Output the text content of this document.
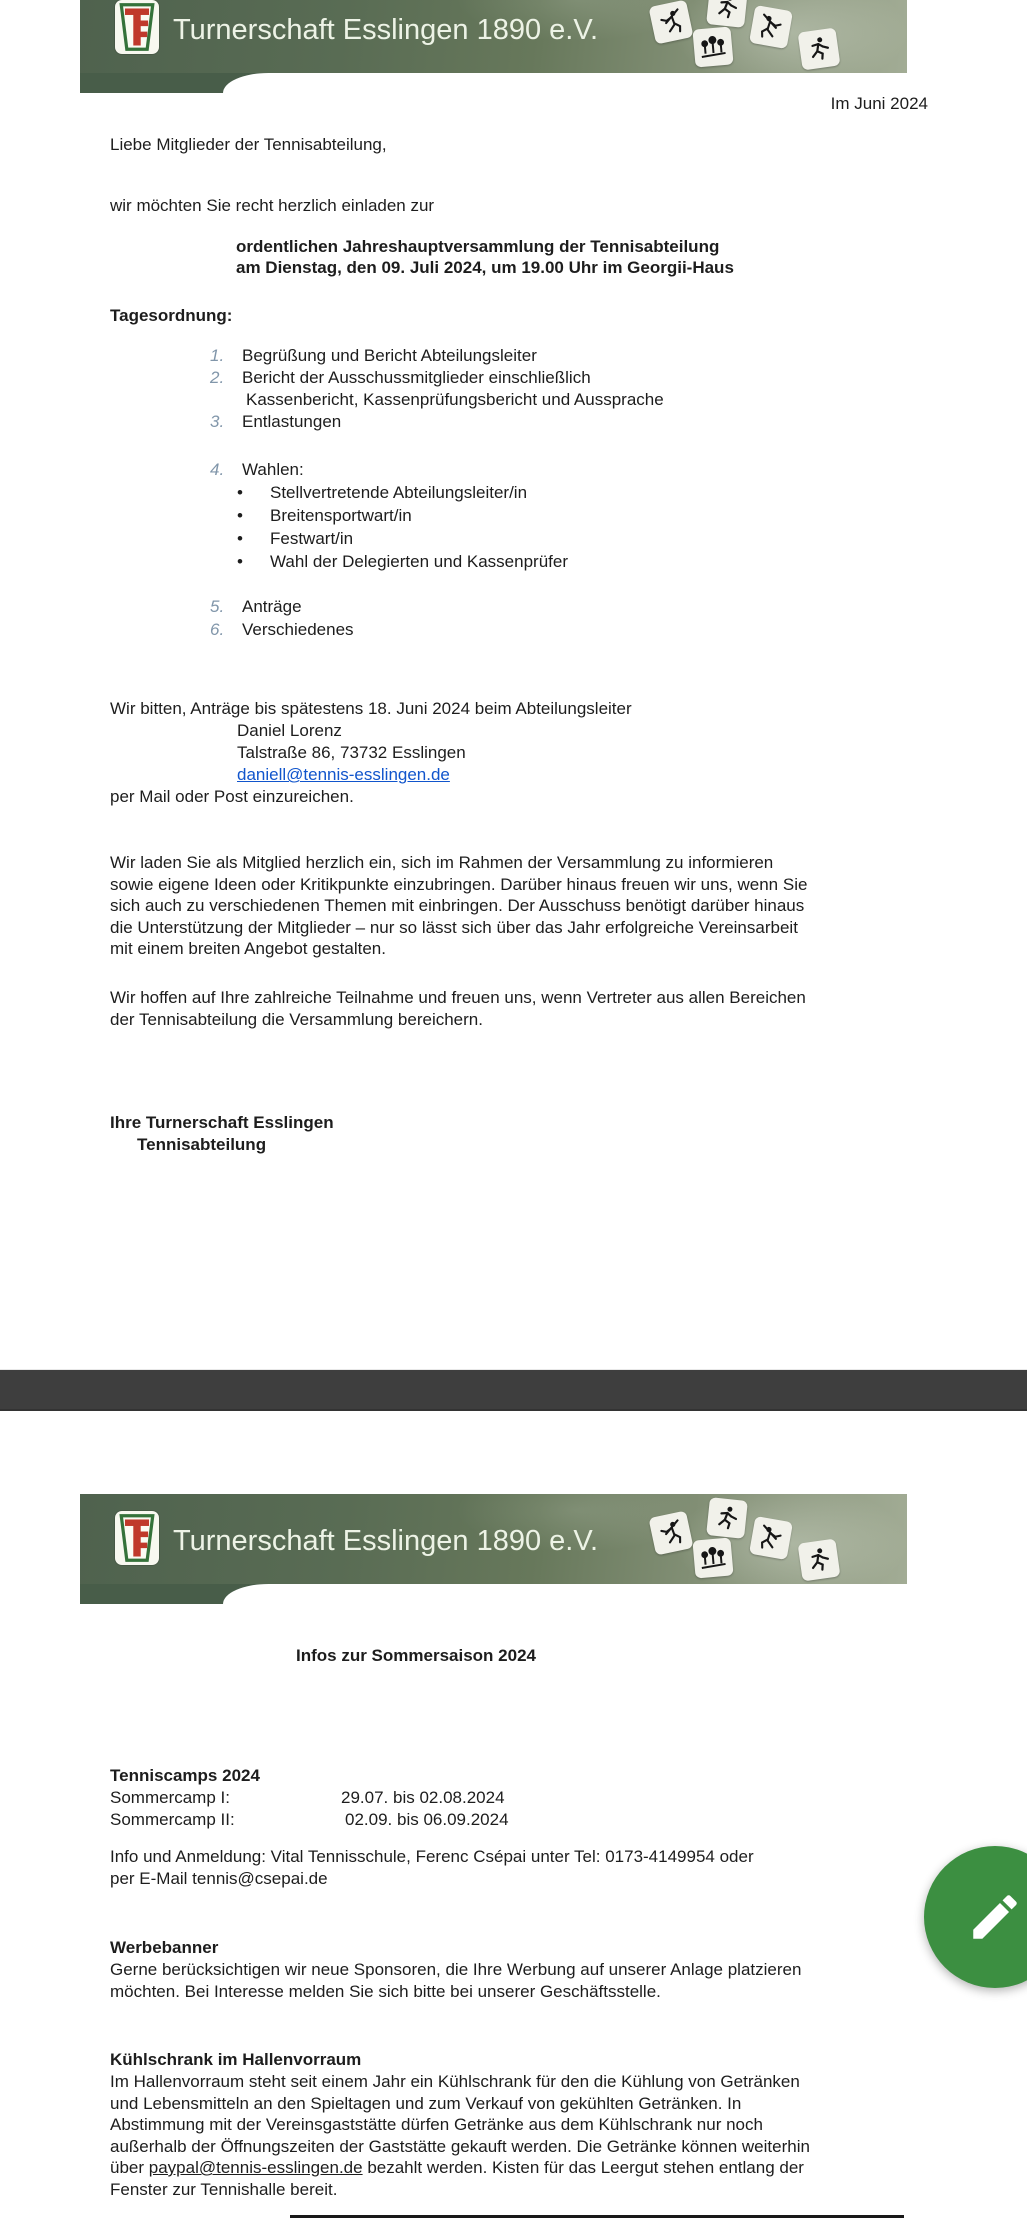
Turnerschaft Esslingen 1890 e.V.
Im Juni 2024
Liebe Mitglieder der Tennisabteilung,
wir möchten Sie recht herzlich einladen zur
ordentlichen Jahreshauptversammlung der Tennisabteilung
am Dienstag, den 09. Juli 2024, um 19.00 Uhr im Georgii-Haus
Tagesordnung:
1. Begrüßung und Bericht Abteilungsleiter
2. Bericht der Ausschussmitglieder einschließlich
Kassenbericht, Kassenprüfungsbericht und Aussprache
3. Entlastungen
4. Wahlen:
• Stellvertretende Abteilungsleiter/in
• Breitensportwart/in
• Festwart/in
• Wahl der Delegierten und Kassenprüfer
5. Anträge
6. Verschiedenes
Wir bitten, Anträge bis spätestens 18. Juni 2024 beim Abteilungsleiter
Daniel Lorenz
Talstraße 86, 73732 Esslingen
daniell@tennis-esslingen.de
per Mail oder Post einzureichen.
Wir laden Sie als Mitglied herzlich ein, sich im Rahmen der Versammlung zu informieren
sowie eigene Ideen oder Kritikpunkte einzubringen. Darüber hinaus freuen wir uns, wenn Sie
sich auch zu verschiedenen Themen mit einbringen. Der Ausschuss benötigt darüber hinaus
die Unterstützung der Mitglieder – nur so lässt sich über das Jahr erfolgreiche Vereinsarbeit
mit einem breiten Angebot gestalten.
Wir hoffen auf Ihre zahlreiche Teilnahme und freuen uns, wenn Vertreter aus allen Bereichen
der Tennisabteilung die Versammlung bereichern.
Ihre Turnerschaft Esslingen
Tennisabteilung
Turnerschaft Esslingen 1890 e.V.
Infos zur Sommersaison 2024
Tenniscamps 2024
Sommercamp I:	29.07. bis 02.08.2024
Sommercamp II:	02.09. bis 06.09.2024
Info und Anmeldung: Vital Tennisschule, Ferenc Csépai unter Tel: 0173-4149954 oder
per E-Mail tennis@csepai.de
Werbebanner
Gerne berücksichtigen wir neue Sponsoren, die Ihre Werbung auf unserer Anlage platzieren
möchten. Bei Interesse melden Sie sich bitte bei unserer Geschäftsstelle.
Kühlschrank im Hallenvorraum
Im Hallenvorraum steht seit einem Jahr ein Kühlschrank für den die Kühlung von Getränken
und Lebensmitteln an den Spieltagen und zum Verkauf von gekühlten Getränken. In
Abstimmung mit der Vereinsgaststätte dürfen Getränke aus dem Kühlschrank nur noch
außerhalb der Öffnungszeiten der Gaststätte gekauft werden. Die Getränke können weiterhin
über paypal@tennis-esslingen.de bezahlt werden. Kisten für das Leergut stehen entlang der
Fenster zur Tennishalle bereit.
